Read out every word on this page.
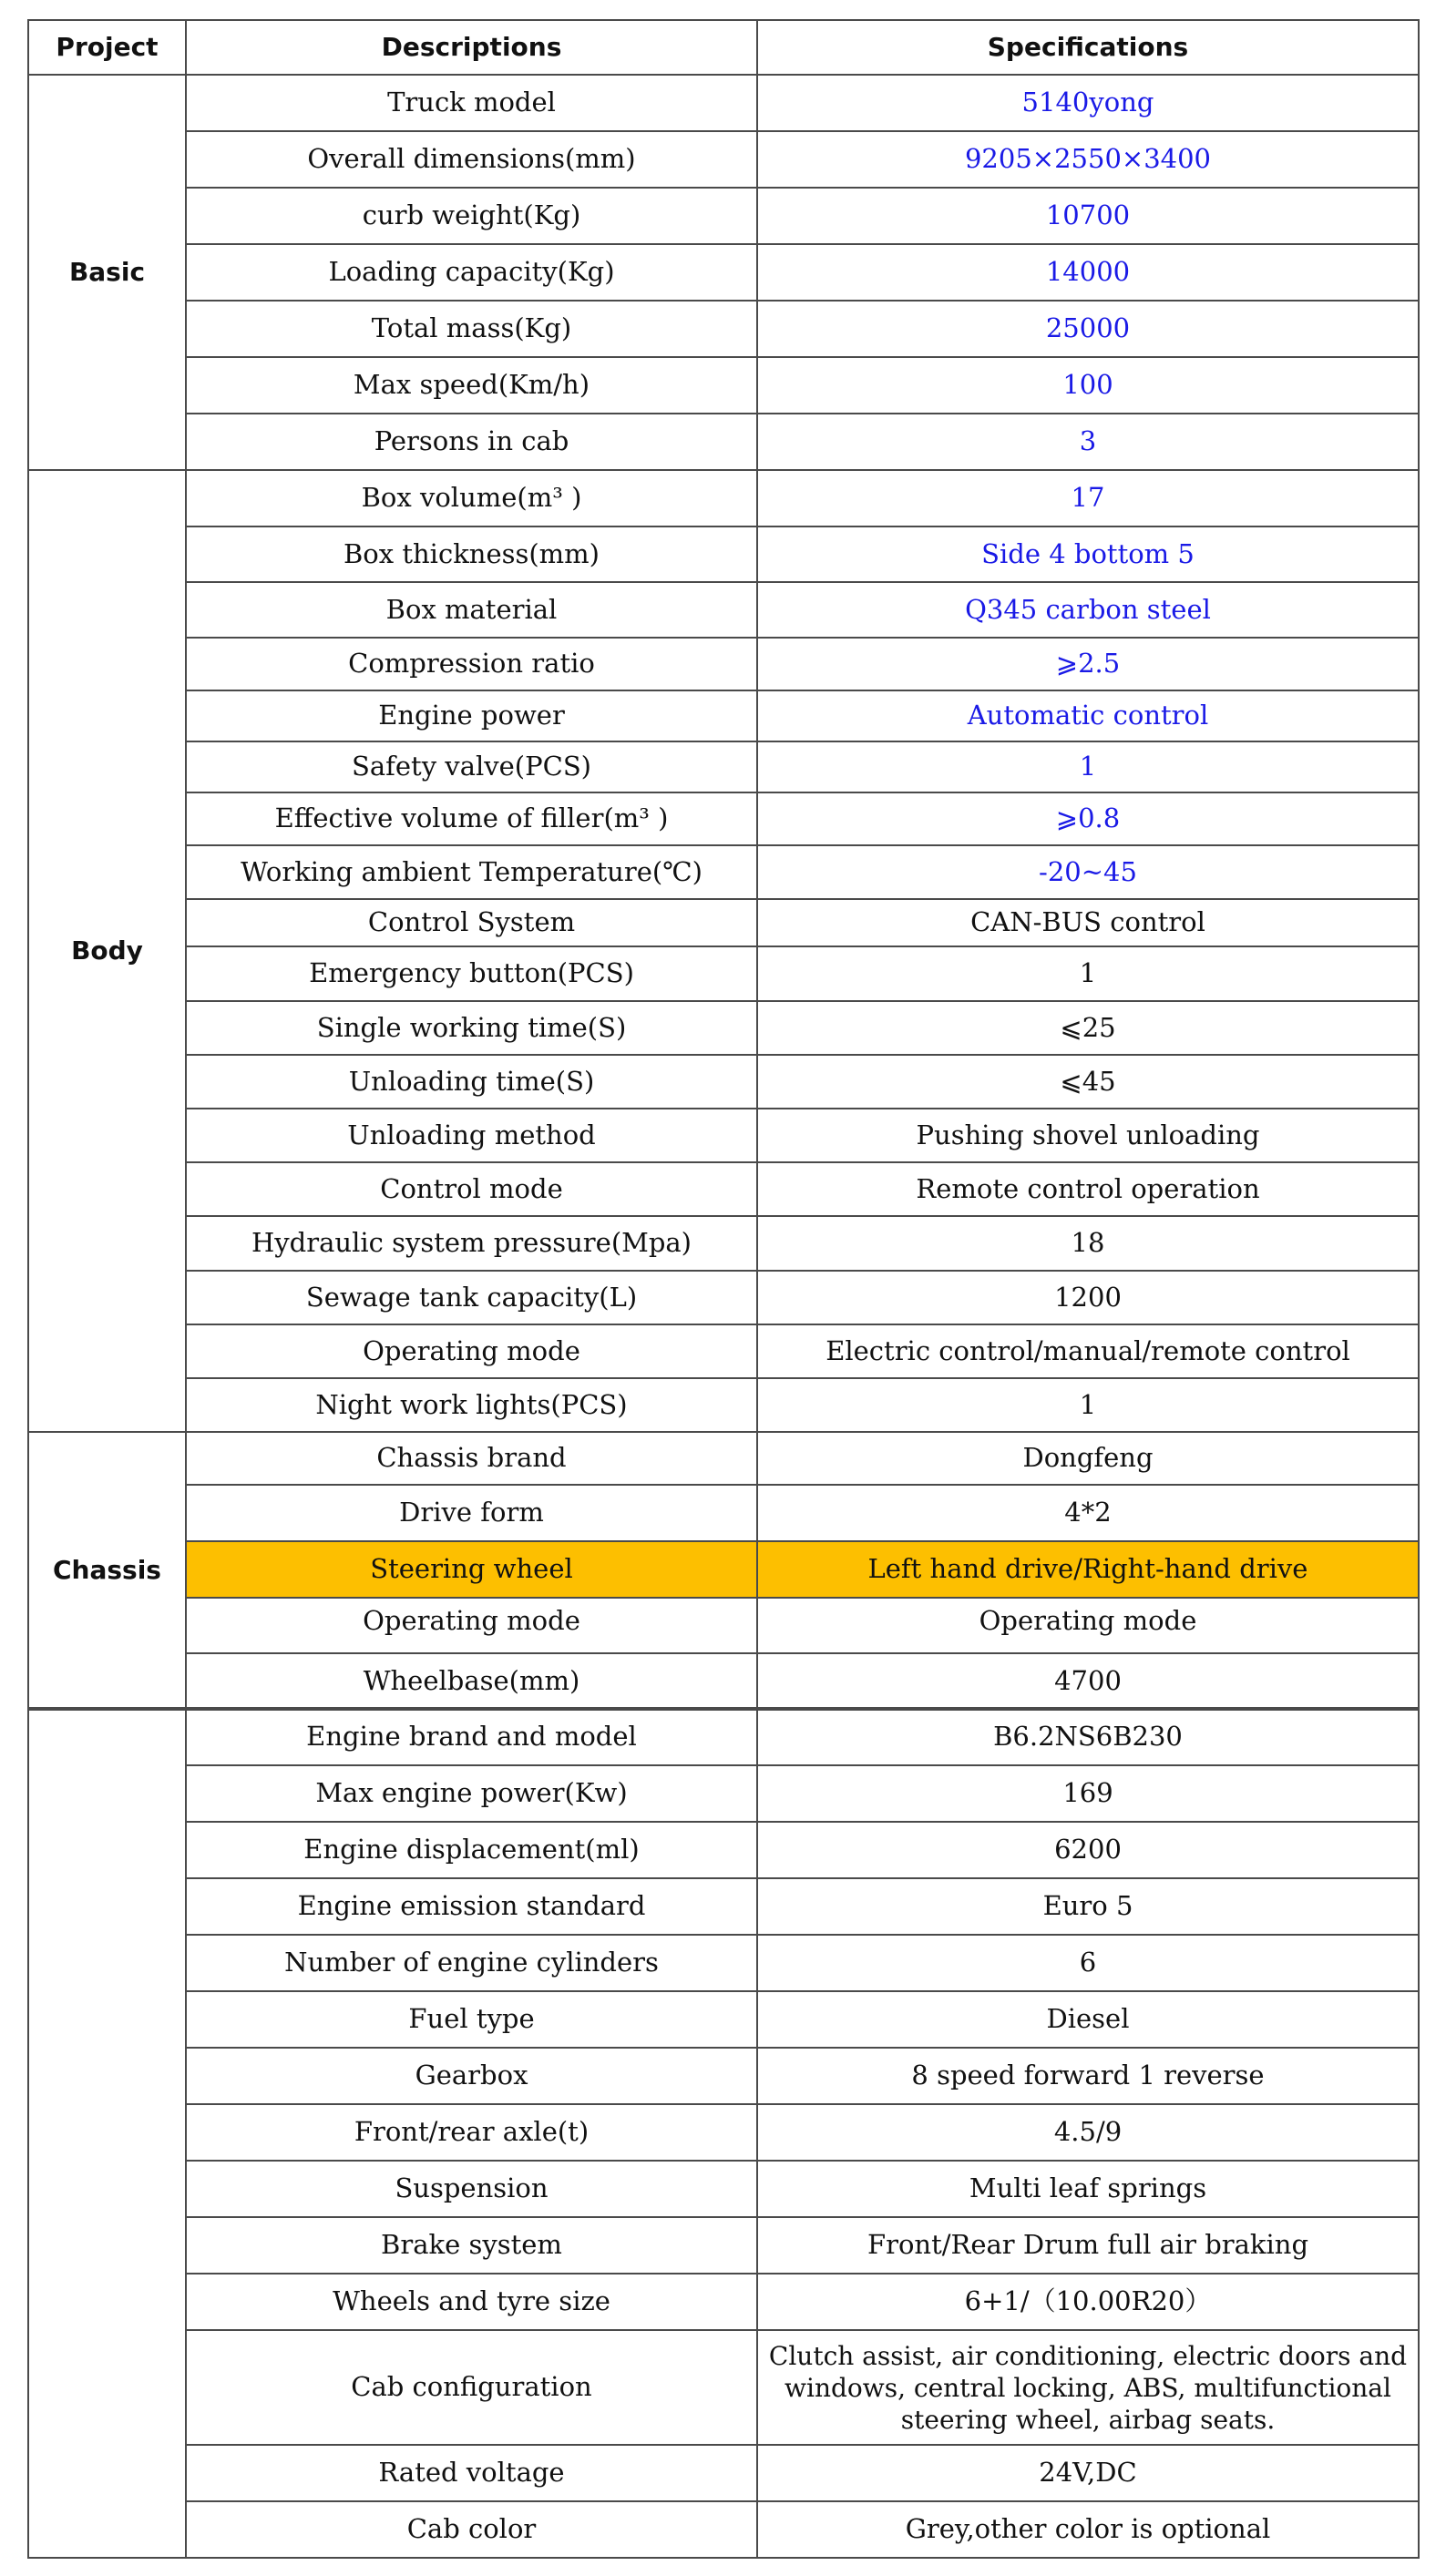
Project	Descriptions	Specifications
Basic	Truck model	5140yong
	Overall dimensions(mm)	9205×2550×3400
	curb weight(Kg)	10700
	Loading capacity(Kg)	14000
	Total mass(Kg)	25000
	Max speed(Km/h)	100
	Persons in cab	3
Body	Box volume(m³ )	17
	Box thickness(mm)	Side 4 bottom 5
	Box material	Q345 carbon steel
	Compression ratio	⩾2.5
	Engine power	Automatic control
	Safety valve(PCS)	1
	Effective volume of filler(m³ )	⩾0.8
	Working ambient Temperature(℃)	-20~45
	Control System	CAN-BUS control
	Emergency button(PCS)	1
	Single working time(S)	⩽25
	Unloading time(S)	⩽45
	Unloading method	Pushing shovel unloading
	Control mode	Remote control operation
	Hydraulic system pressure(Mpa)	18
	Sewage tank capacity(L)	1200
	Operating mode	Electric control/manual/remote control
	Night work lights(PCS)	1
Chassis	Chassis brand	Dongfeng
	Drive form	4*2
	Steering wheel	Left hand drive/Right-hand drive
	Operating mode	Operating mode
	Wheelbase(mm)	4700
	Engine brand and model	B6.2NS6B230
	Max engine power(Kw)	169
	Engine displacement(ml)	6200
	Engine emission standard	Euro 5
	Number of engine cylinders	6
	Fuel type	Diesel
	Gearbox	8 speed forward 1 reverse
	Front/rear axle(t)	4.5/9
	Suspension	Multi leaf springs
	Brake system	Front/Rear Drum full air braking
	Wheels and tyre size	6+1/（10.00R20）
	Cab configuration	Clutch assist, air conditioning, electric doors and windows, central locking, ABS, multifunctional steering wheel, airbag seats.
	Rated voltage	24V,DC
	Cab color	Grey,other color is optional
